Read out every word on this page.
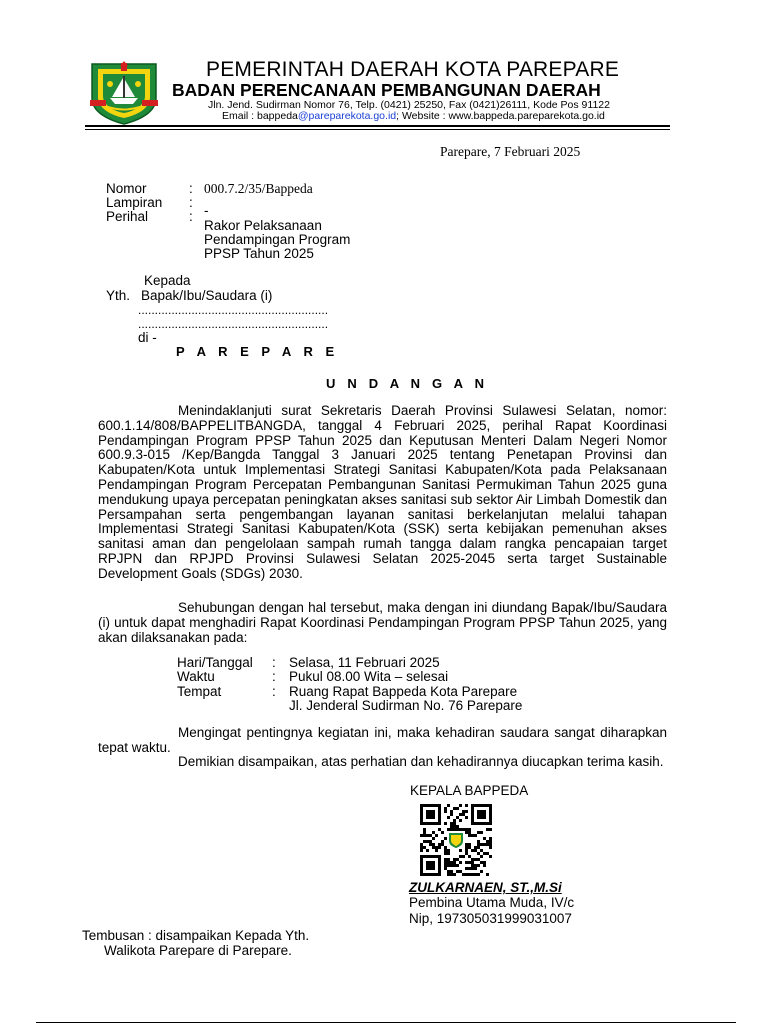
PEMERINTAH DAERAH KOTA PAREPARE
BADAN PERENCANAAN PEMBANGUNAN DAERAH
Jln. Jend. Sudirman Nomor 76, Telp. (0421) 25250, Fax (0421)26111, Kode Pos 91122
Email : bappeda@pareparekota.go.id; Website : www.bappeda.pareparekota.go.id
Parepare, 7 Februari 2025
Nomor	: 000.7.2/35/Bappeda
Lampiran :
Perihal	: -
Rakor Pelaksanaan
Pendampingan Program
PPSP Tahun 2025
Kepada
Yth. Bapak/Ibu/Saudara (i)
.........................................................
.........................................................
di -
P A R E P A R E
U N D A N G A N
Menindaklanjuti surat Sekretaris Daerah Provinsi Sulawesi Selatan, nomor: 600.1.14/808/BAPPELITBANGDA, tanggal 4 Februari 2025, perihal Rapat Koordinasi Pendampingan Program PPSP Tahun 2025 dan Keputusan Menteri Dalam Negeri Nomor 600.9.3-015 /Kep/Bangda Tanggal 3 Januari 2025 tentang Penetapan Provinsi dan Kabupaten/Kota untuk Implementasi Strategi Sanitasi Kabupaten/Kota pada Pelaksanaan Pendampingan Program Percepatan Pembangunan Sanitasi Permukiman Tahun 2025 guna mendukung upaya percepatan peningkatan akses sanitasi sub sektor Air Limbah Domestik dan Persampahan serta pengembangan layanan sanitasi berkelanjutan melalui tahapan Implementasi Strategi Sanitasi Kabupaten/Kota (SSK) serta kebijakan pemenuhan akses sanitasi aman dan pengelolaan sampah rumah tangga dalam rangka pencapaian target RPJPN dan RPJPD Provinsi Sulawesi Selatan 2025-2045 serta target Sustainable Development Goals (SDGs) 2030.
Sehubungan dengan hal tersebut, maka dengan ini diundang Bapak/Ibu/Saudara (i) untuk dapat menghadiri Rapat Koordinasi Pendampingan Program PPSP Tahun 2025, yang akan dilaksanakan pada:
Hari/Tanggal : Selasa, 11 Februari 2025
Waktu	: Pukul 08.00 Wita – selesai
Tempat	: Ruang Rapat Bappeda Kota Parepare
Jl. Jenderal Sudirman No. 76 Parepare
Mengingat pentingnya kegiatan ini, maka kehadiran saudara sangat diharapkan tepat waktu.
Demikian disampaikan, atas perhatian dan kehadirannya diucapkan terima kasih.
KEPALA BAPPEDA
ZULKARNAEN, ST.,M.Si
Pembina Utama Muda, IV/c
Nip, 197305031999031007
Tembusan : disampaikan Kepada Yth.
Walikota Parepare di Parepare.
